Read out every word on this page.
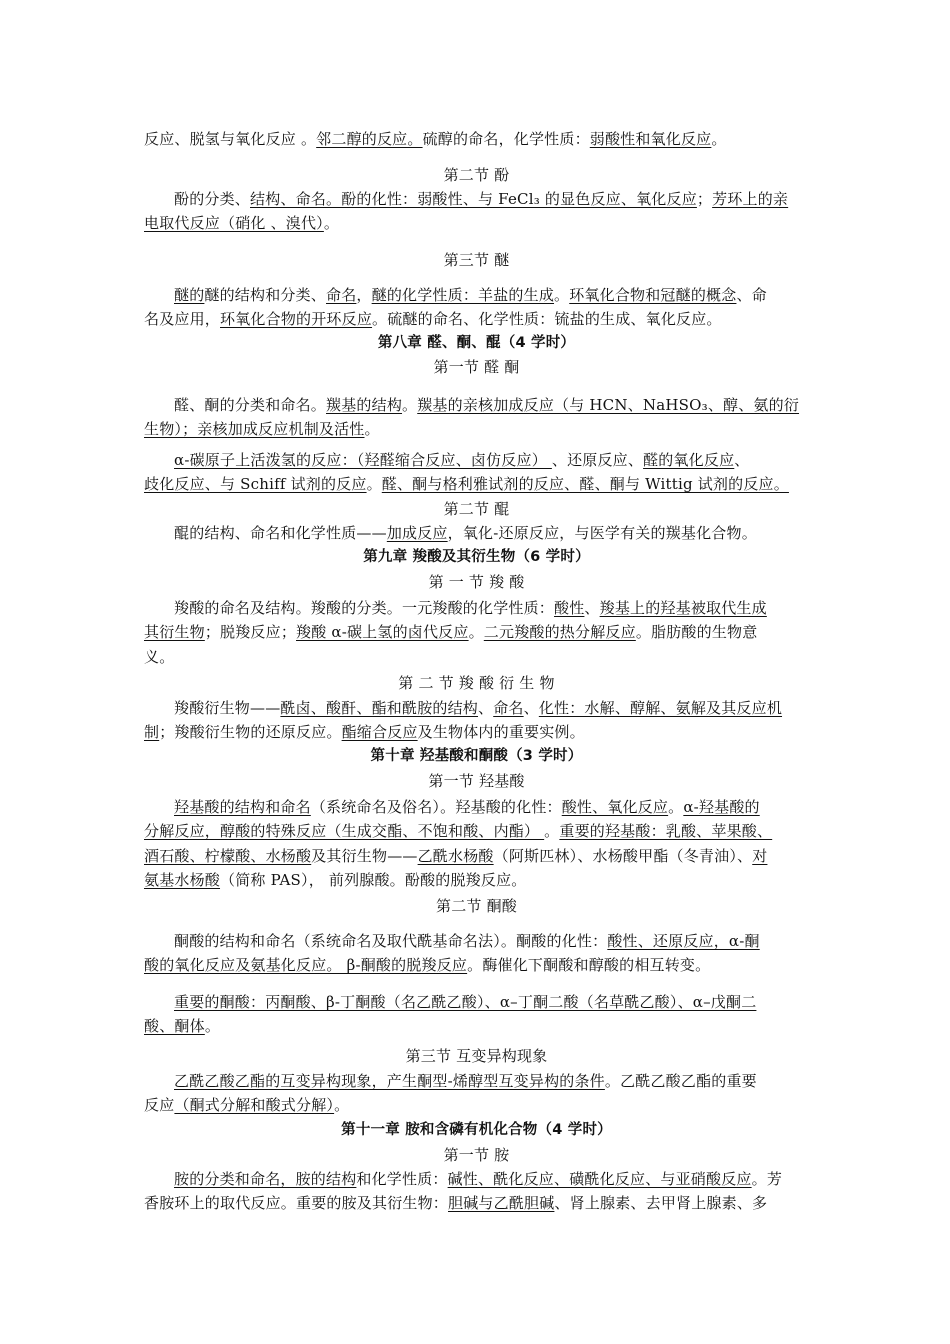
反应、脱氢与氧化反应 。邻二醇的反应。硫醇的命名，化学性质：弱酸性和氧化反应。
第二节 酚
酚的分类、结构、命名。酚的化性：弱酸性、与 FeCl₃ 的显色反应、氧化反应；芳环上的亲
电取代反应（硝化 、溴代）。
第三节 醚
醚的醚的结构和分类、命名，醚的化学性质：羊盐的生成。环氧化合物和冠醚的概念、命
名及应用，环氧化合物的开环反应。硫醚的命名、化学性质：锍盐的生成、氧化反应。
第八章 醛、酮、醌（4 学时）
第一节 醛 酮
醛、酮的分类和命名。羰基的结构。羰基的亲核加成反应（与 HCN、NaHSO₃、醇、氨的衍
生物）；亲核加成反应机制及活性。
α-碳原子上活泼氢的反应：（羟醛缩合反应、卤仿反应） 、还原反应、醛的氧化反应、
歧化反应、与 Schiff 试剂的反应。醛、酮与格利雅试剂的反应、醛、酮与 Wittig 试剂的反应。
第二节 醌
醌的结构、命名和化学性质——加成反应，氧化-还原反应，与医学有关的羰基化合物。
第九章 羧酸及其衍生物（6 学时）
第 一 节 羧 酸
羧酸的命名及结构。羧酸的分类。一元羧酸的化学性质：酸性、羧基上的羟基被取代生成
其衍生物；脱羧反应；羧酸 α-碳上氢的卤代反应。二元羧酸的热分解反应。脂肪酸的生物意
义。
第 二 节 羧 酸 衍 生 物
羧酸衍生物——酰卤、酸酐、酯和酰胺的结构、命名、化性：水解、醇解、氨解及其反应机
制；羧酸衍生物的还原反应。酯缩合反应及生物体内的重要实例。
第十章 羟基酸和酮酸（3 学时）
第一节 羟基酸
羟基酸的结构和命名（系统命名及俗名）。羟基酸的化性：酸性、氧化反应。α-羟基酸的
分解反应，醇酸的特殊反应（生成交酯、不饱和酸、内酯） 。重要的羟基酸：乳酸、苹果酸、
酒石酸、柠檬酸、水杨酸及其衍生物——乙酰水杨酸（阿斯匹林）、水杨酸甲酯（冬青油）、对
氨基水杨酸（简称 PAS）， 前列腺酸。酚酸的脱羧反应。
第二节 酮酸
酮酸的结构和命名（系统命名及取代酰基命名法）。酮酸的化性：酸性、还原反应，α-酮
酸的氧化反应及氨基化反应。 β-酮酸的脱羧反应。酶催化下酮酸和醇酸的相互转变。
重要的酮酸：丙酮酸、β-丁酮酸（名乙酰乙酸）、α–丁酮二酸（名草酰乙酸）、α–戊酮二
酸、酮体。
第三节 互变异构现象
乙酰乙酸乙酯的互变异构现象，产生酮型-烯醇型互变异构的条件。乙酰乙酸乙酯的重要
反应（酮式分解和酸式分解）。
第十一章 胺和含磷有机化合物（4 学时）
第一节 胺
胺的分类和命名，胺的结构和化学性质：碱性、酰化反应、磺酰化反应、与亚硝酸反应。芳
香胺环上的取代反应。重要的胺及其衍生物：胆碱与乙酰胆碱、肾上腺素、去甲肾上腺素、多
